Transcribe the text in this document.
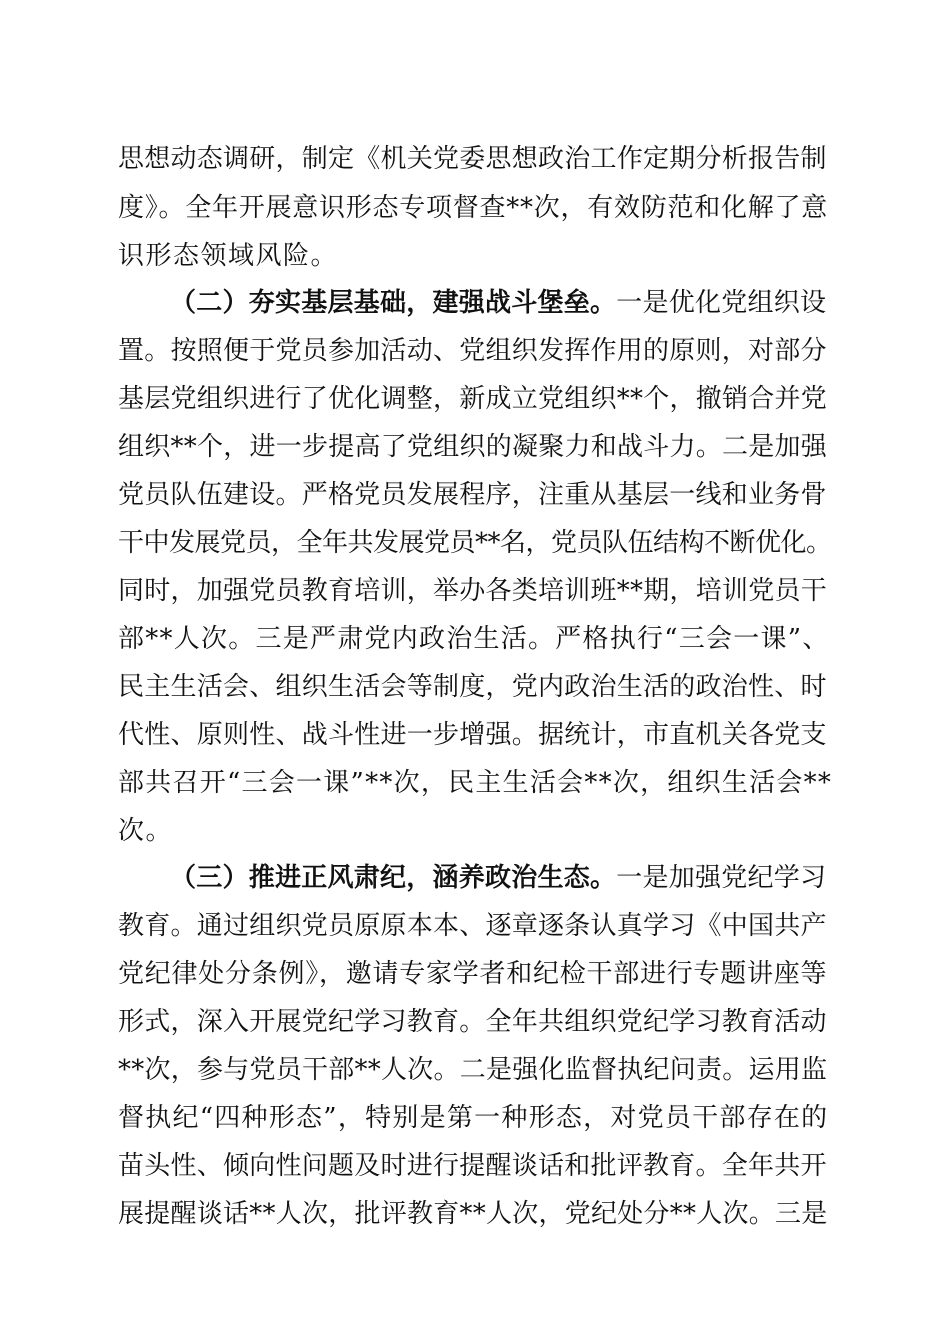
思想动态调研，制定《机关党委思想政治工作定期分析报告制
度》。全年开展意识形态专项督查**次，有效防范和化解了意
识形态领域风险。
（二）夯实基层基础，建强战斗堡垒。一是优化党组织设
置。按照便于党员参加活动、党组织发挥作用的原则，对部分
基层党组织进行了优化调整，新成立党组织**个，撤销合并党
组织**个，进一步提高了党组织的凝聚力和战斗力。二是加强
党员队伍建设。严格党员发展程序，注重从基层一线和业务骨
干中发展党员，全年共发展党员**名，党员队伍结构不断优化。
同时，加强党员教育培训，举办各类培训班**期，培训党员干
部**人次。三是严肃党内政治生活。严格执行“三会一课”、
民主生活会、组织生活会等制度，党内政治生活的政治性、时
代性、原则性、战斗性进一步增强。据统计，市直机关各党支
部共召开“三会一课”**次，民主生活会**次，组织生活会**
次。
（三）推进正风肃纪，涵养政治生态。一是加强党纪学习
教育。通过组织党员原原本本、逐章逐条认真学习《中国共产
党纪律处分条例》，邀请专家学者和纪检干部进行专题讲座等
形式，深入开展党纪学习教育。全年共组织党纪学习教育活动
**次，参与党员干部**人次。二是强化监督执纪问责。运用监
督执纪“四种形态”，特别是第一种形态，对党员干部存在的
苗头性、倾向性问题及时进行提醒谈话和批评教育。全年共开
展提醒谈话**人次，批评教育**人次，党纪处分**人次。三是
